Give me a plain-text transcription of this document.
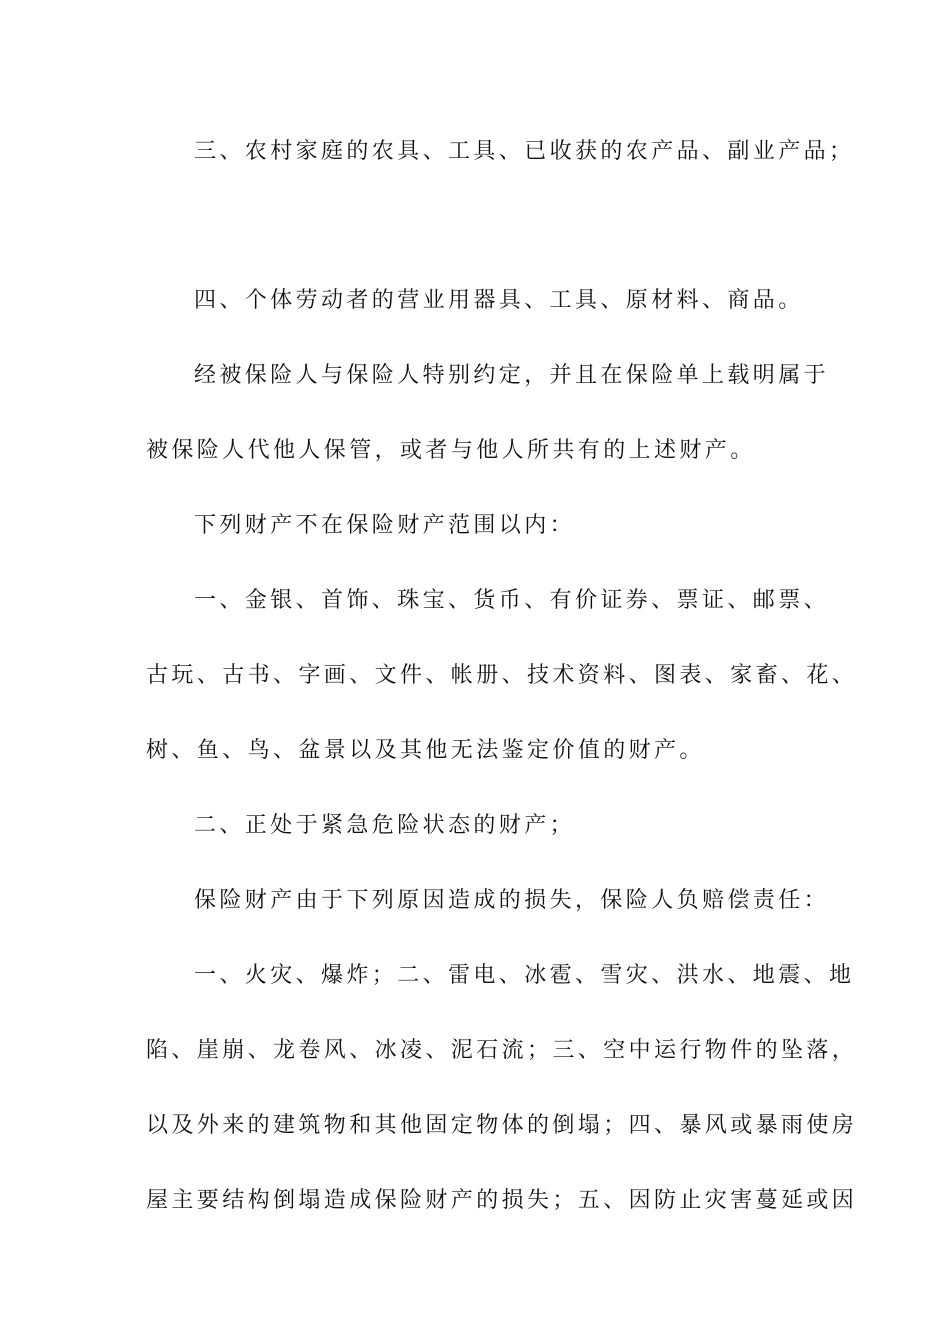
三、农村家庭的农具、工具、已收获的农产品、副业产品；

四、个体劳动者的营业用器具、工具、原材料、商品。

经被保险人与保险人特别约定，并且在保险单上载明属于

被保险人代他人保管，或者与他人所共有的上述财产。

下列财产不在保险财产范围以内：

一、金银、首饰、珠宝、货币、有价证券、票证、邮票、

古玩、古书、字画、文件、帐册、技术资料、图表、家畜、花、

树、鱼、鸟、盆景以及其他无法鉴定价值的财产。

二、正处于紧急危险状态的财产；

保险财产由于下列原因造成的损失，保险人负赔偿责任：

一、火灾、爆炸；二、雷电、冰雹、雪灾、洪水、地震、地

陷、崖崩、龙卷风、冰凌、泥石流；三、空中运行物件的坠落，

以及外来的建筑物和其他固定物体的倒塌；四、暴风或暴雨使房

屋主要结构倒塌造成保险财产的损失；五、因防止灾害蔓延或因
